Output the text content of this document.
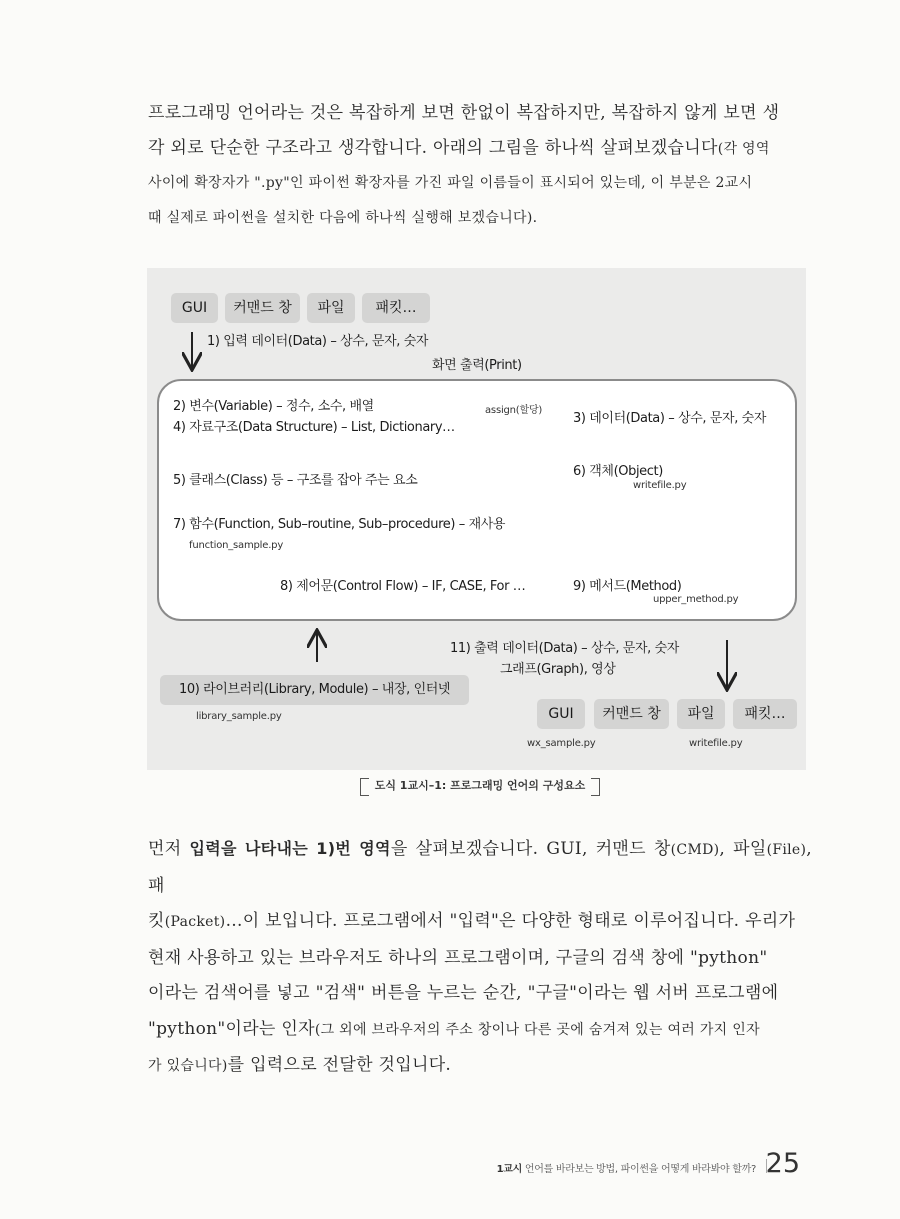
프로그래밍 언어라는 것은 복잡하게 보면 한없이 복잡하지만, 복잡하지 않게 보면 생
각 외로 단순한 구조라고 생각합니다. 아래의 그림을 하나씩 살펴보겠습니다(각 영역
사이에 확장자가 ".py"인 파이썬 확장자를 가진 파일 이름들이 표시되어 있는데, 이 부분은 2교시
때 실제로 파이썬을 설치한 다음에 하나씩 실행해 보겠습니다).
GUI	커맨드 창	파일	패킷…
1) 입력 데이터(Data) – 상수, 문자, 숫자
화면 출력(Print)
2) 변수(Variable) – 정수, 소수, 배열
4) 자료구조(Data Structure) – List, Dictionary…
assign(할당)
3) 데이터(Data) – 상수, 문자, 숫자
5) 클래스(Class) 등 – 구조를 잡아 주는 요소
6) 객체(Object)
writefile.py
7) 함수(Function, Sub–routine, Sub–procedure) – 재사용
function_sample.py
8) 제어문(Control Flow) – IF, CASE, For …	9) 메서드(Method)
upper_method.py
11) 출력 데이터(Data) – 상수, 문자, 숫자
그래프(Graph), 영상
10) 라이브러리(Library, Module) – 내장, 인터넷
library_sample.py	GUI	커맨드 창	파일	패킷…
wx_sample.py	writefile.py
도식 1교시–1: 프로그래밍 언어의 구성요소
먼저 입력을 나타내는 1)번 영역을 살펴보겠습니다. GUI, 커맨드 창(CMD), 파일(File), 패
킷(Packet)…이 보입니다. 프로그램에서 "입력"은 다양한 형태로 이루어집니다. 우리가
현재 사용하고 있는 브라우저도 하나의 프로그램이며, 구글의 검색 창에 "python"
이라는 검색어를 넣고 "검색" 버튼을 누르는 순간, "구글"이라는 웹 서버 프로그램에
"python"이라는 인자(그 외에 브라우저의 주소 창이나 다른 곳에 숨겨져 있는 여러 가지 인자
가 있습니다)를 입력으로 전달한 것입니다.
1교시 언어를 바라보는 방법, 파이썬을 어떻게 바라봐야 할까? 25
